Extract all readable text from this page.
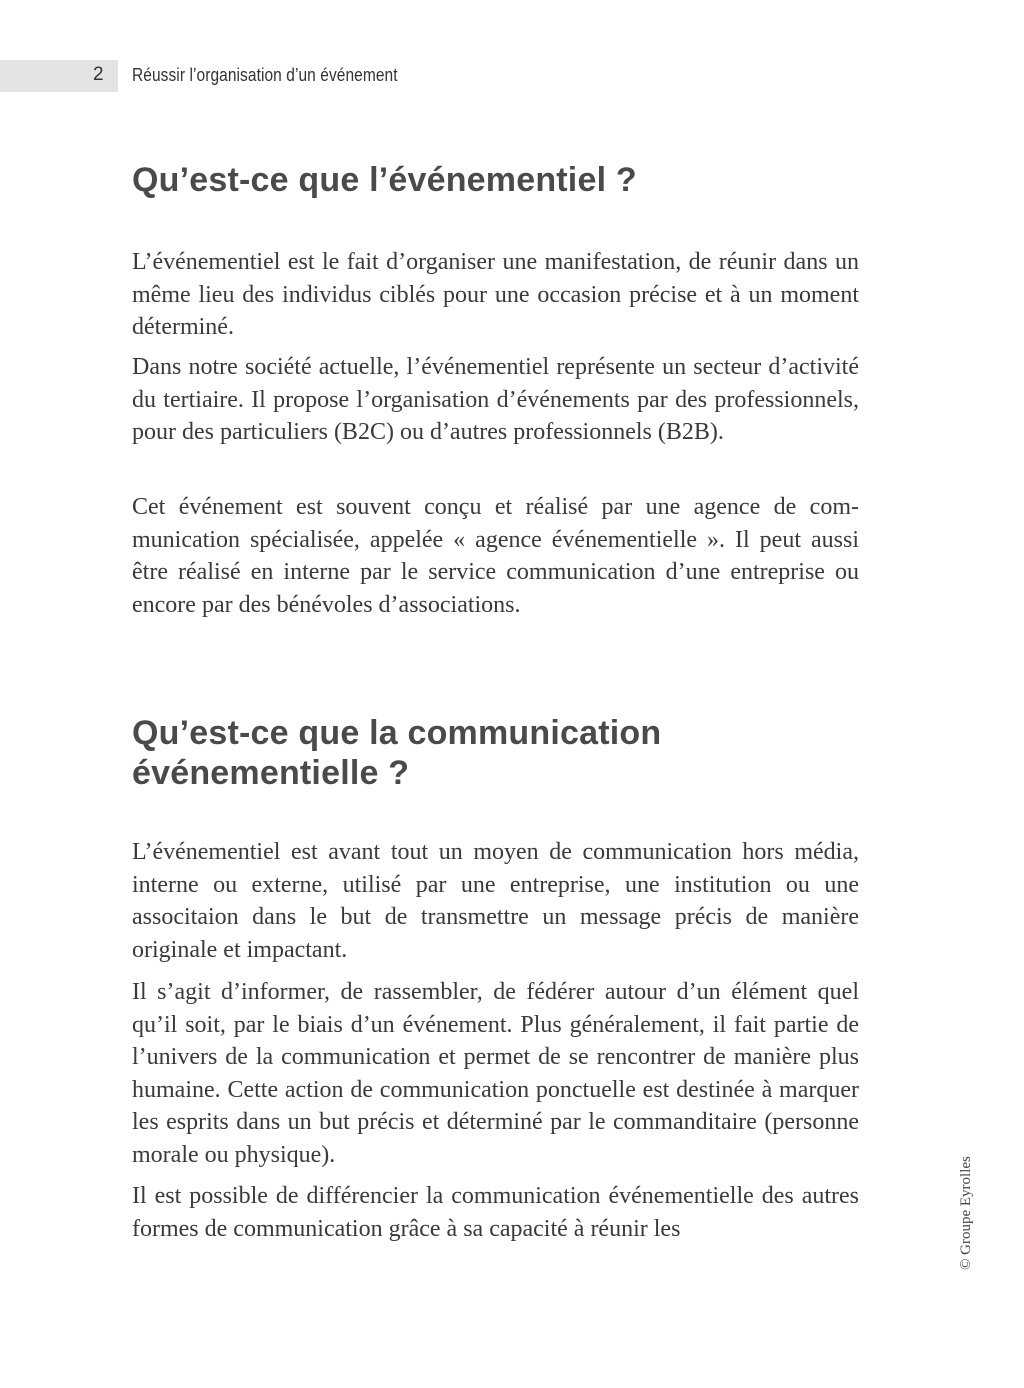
2 Réussir l’organisation d’un événement
Qu’est-ce que l’événementiel ?

L’événementiel est le fait d’organiser une manifestation, de réunir dans un même lieu des individus ciblés pour une occasion précise et à un moment déterminé.

Dans notre société actuelle, l’événementiel représente un secteur d’activité du tertiaire. Il propose l’organisation d’événements par des professionnels, pour des particuliers (B2C) ou d’autres professionnels (B2B).

Cet événement est souvent conçu et réalisé par une agence de communication spécialisée, appelée « agence événementielle ». Il peut aussi être réalisé en interne par le service communication d’une entreprise ou encore par des bénévoles d’associations.

Qu’est-ce que la communication événementielle ?

L’événementiel est avant tout un moyen de communication hors média, interne ou externe, utilisé par une entreprise, une institution ou une associtaion dans le but de transmettre un message précis de manière originale et impactant.

Il s’agit d’informer, de rassembler, de fédérer autour d’un élément quel qu’il soit, par le biais d’un événement. Plus généralement, il fait partie de l’univers de la communication et permet de se rencontrer de manière plus humaine. Cette action de communication ponctuelle est destinée à marquer les esprits dans un but précis et déterminé par le commanditaire (personne morale ou physique).

Il est possible de différencier la communication événementielle des autres formes de communication grâce à sa capacité à réunir les	© Groupe Eyrolles
